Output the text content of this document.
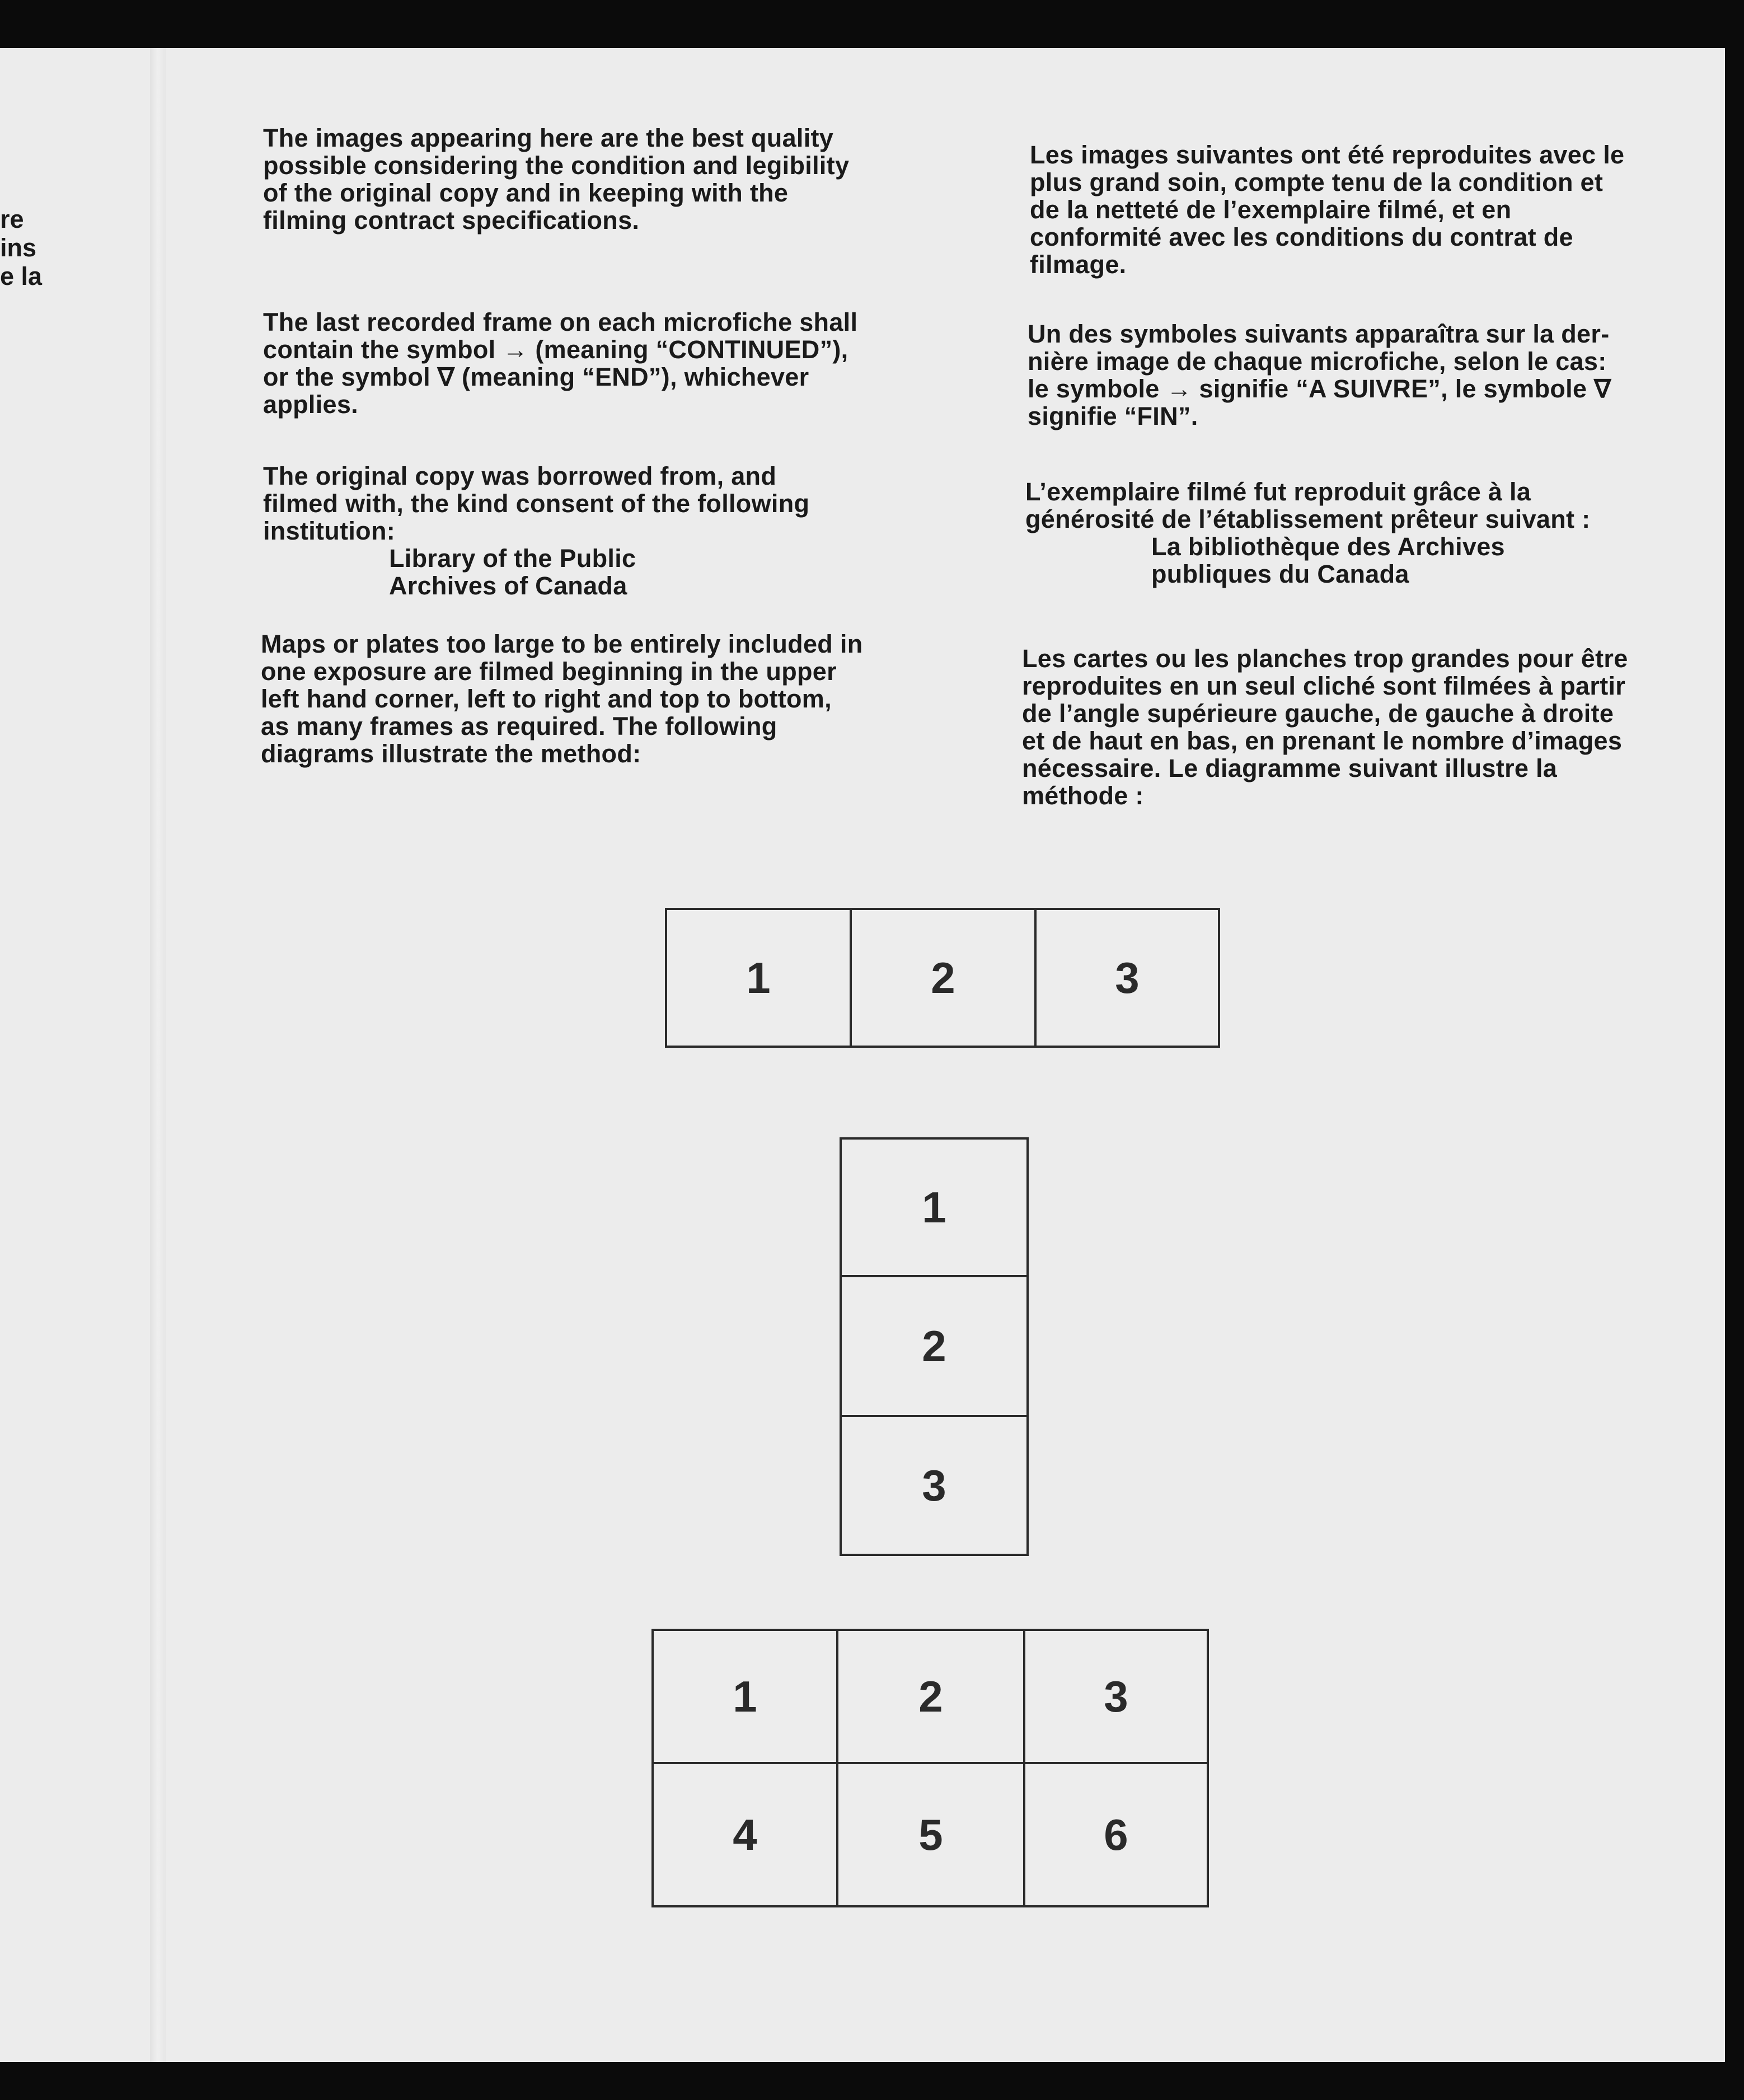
re
ins
e la

The images appearing here are the best quality possible considering the condition and legibility of the original copy and in keeping with the filming contract specifications.

The last recorded frame on each microfiche shall contain the symbol → (meaning “CONTINUED”), or the symbol ∇ (meaning “END”), whichever applies.

The original copy was borrowed from, and filmed with, the kind consent of the following institution:

Library of the Public

Archives of Canada

Maps or plates too large to be entirely included in one exposure are filmed beginning in the upper left hand corner, left to right and top to bottom, as many frames as required. The following diagrams illustrate the method:

Les images suivantes ont été reproduites avec le plus grand soin, compte tenu de la condition et de la netteté de l’exemplaire filmé, et en conformité avec les conditions du contrat de filmage.

Un des symboles suivants apparaîtra sur la der-nière image de chaque microfiche, selon le cas: le symbole → signifie “A SUIVRE”, le symbole ∇ signifie “FIN”.

L’exemplaire filmé fut reproduit grâce à la générosité de l’établissement prêteur suivant :

La bibliothèque des Archives

publiques du Canada

Les cartes ou les planches trop grandes pour être reproduites en un seul cliché sont filmées à partir de l’angle supérieure gauche, de gauche à droite et de haut en bas, en prenant le nombre d’images nécessaire. Le diagramme suivant illustre la méthode :

1	2	3
1
2
3
1	2	3
4	5	6
